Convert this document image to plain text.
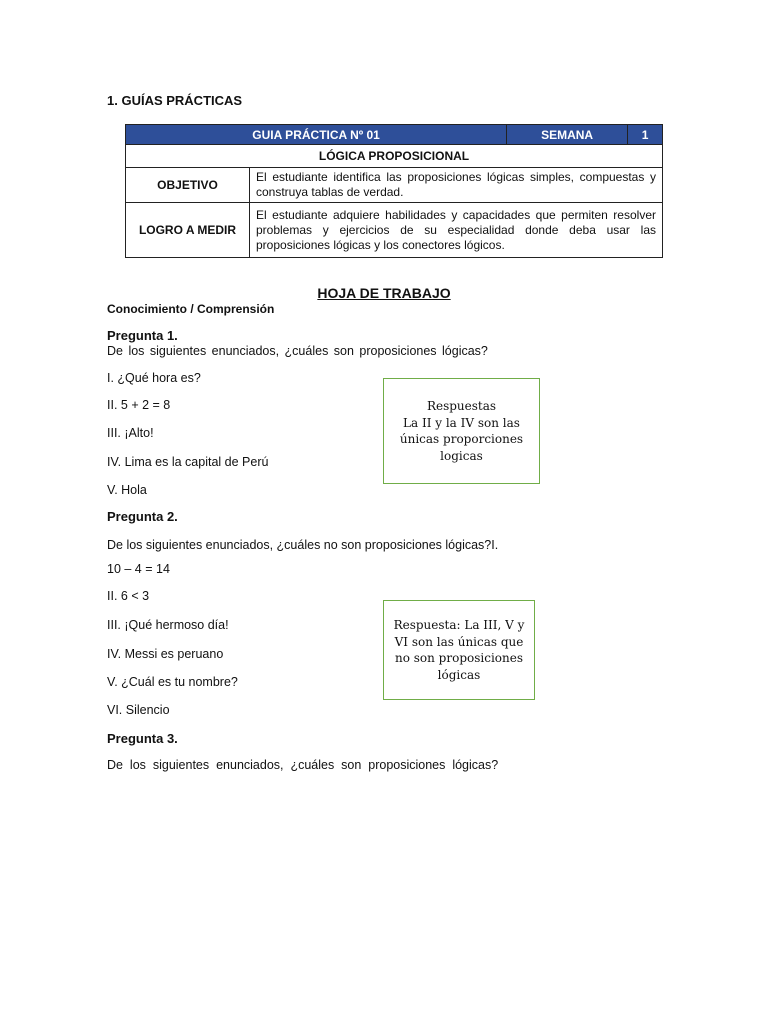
1. GUÍAS PRÁCTICAS
GUIA PRÁCTICA Nº 01		SEMANA	1
LÓGICA PROPOSICIONAL			
OBJETIVO	El estudiante identifica las proposiciones lógicas simples, compuestas y construya tablas de verdad.		
LOGRO A MEDIR	El estudiante adquiere habilidades y capacidades que permiten resolver problemas y ejercicios de su especialidad donde deba usar las proposiciones lógicas y los conectores lógicos.		
HOJA DE TRABAJO
Conocimiento / Comprensión
Pregunta 1.
De los siguientes enunciados, ¿cuáles son proposiciones lógicas?
I. ¿Qué hora es?
II. 5 + 2 = 8
III. ¡Alto!
IV. Lima es la capital de Perú
V. Hola
Respuestas
La II y la IV son las
únicas proporciones
logicas
Pregunta 2.
De los siguientes enunciados, ¿cuáles no son proposiciones lógicas?I.
10 – 4 = 14
II. 6 < 3
III. ¡Qué hermoso día!
IV. Messi es peruano
V. ¿Cuál es tu nombre?
VI. Silencio
Respuesta: La III, V y
VI son las únicas que
no son proposiciones
lógicas
Pregunta 3.
De  los  siguientes  enunciados,  ¿cuáles  son  proposiciones  lógicas?
